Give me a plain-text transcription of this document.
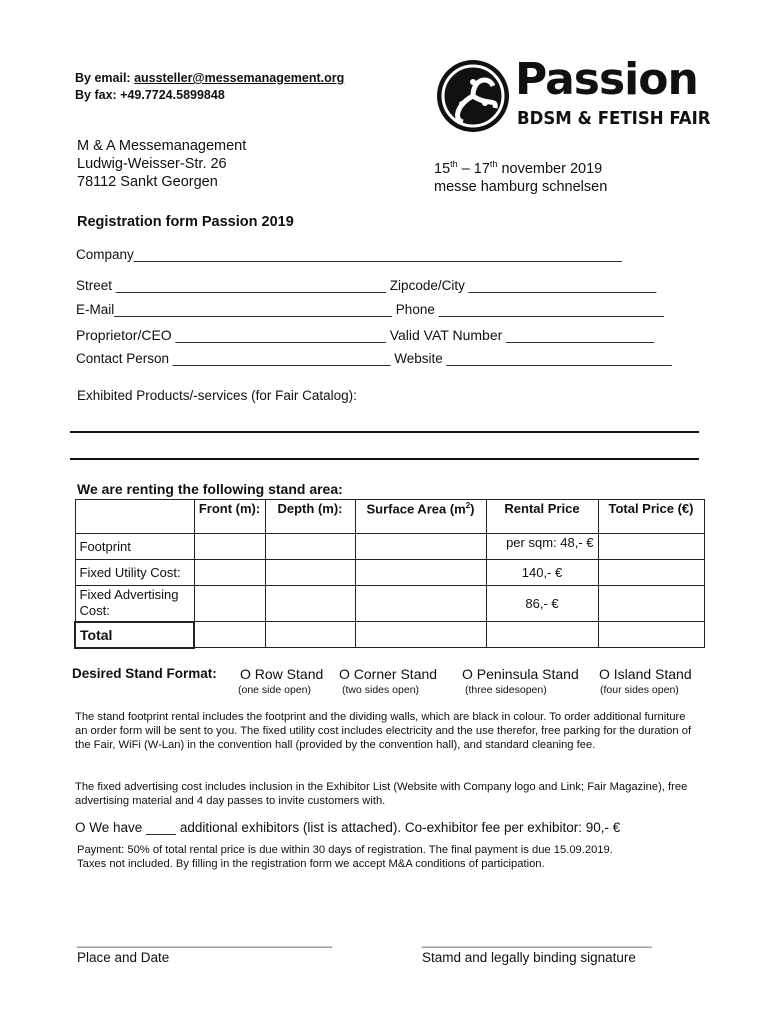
By email: aussteller@messemanagement.org
By fax: +49.7724.5899848	Passion
BDSM & FETISH FAIR
M & A Messemanagement
Ludwig-Weisser-Str. 26
78112 Sankt Georgen
15th – 17th november 2019
messe hamburg schnelsen
Registration form Passion 2019
Company_________________________________________________________________
Street ____________________________________ Zipcode/City _________________________
E-Mail_____________________________________ Phone ______________________________
Proprietor/CEO ___________________________ Valid VAT Number ___________________
Contact Person _____________________________ Website ______________________________
Exhibited Products/-services (for Fair Catalog):
We are renting the following stand area:
	Front (m):	Depth (m):	Surface Area $(m^2)$	Rental Price	Total Price (€)
Footprint				per sqm: 48,- €	
Fixed Utility Cost:				140,- €	
Fixed Advertising Cost:				86,- €	
Total					
Desired Stand Format: O Row Stand
(one side open)
O Corner Stand
(two sides open)
O Peninsula Stand
(three sidesopen)
O Island Stand
(four sides open)
The stand footprint rental includes the footprint and the dividing walls, which are black in colour. To order additional furniture an order form will be sent to you. The fixed utility cost includes electricity and the use therefor, free parking for the duration of the Fair, WiFi (W-Lan) in the convention hall (provided by the convention hall), and standard cleaning fee.
The fixed advertising cost includes inclusion in the Exhibitor List (Website with Company logo and Link; Fair Magazine), free advertising material and 4 day passes to invite customers with.
O We have ____ additional exhibitors (list is attached). Co-exhibitor fee per exhibitor: 90,- €
Payment: 50% of total rental price is due within 30 days of registration. The final payment is due 15.09.2019.
Taxes not included. By filling in the registration form we accept M&A conditions of participation.
________________________________________	____________________________________
Place and Date	Stamd and legally binding signature
